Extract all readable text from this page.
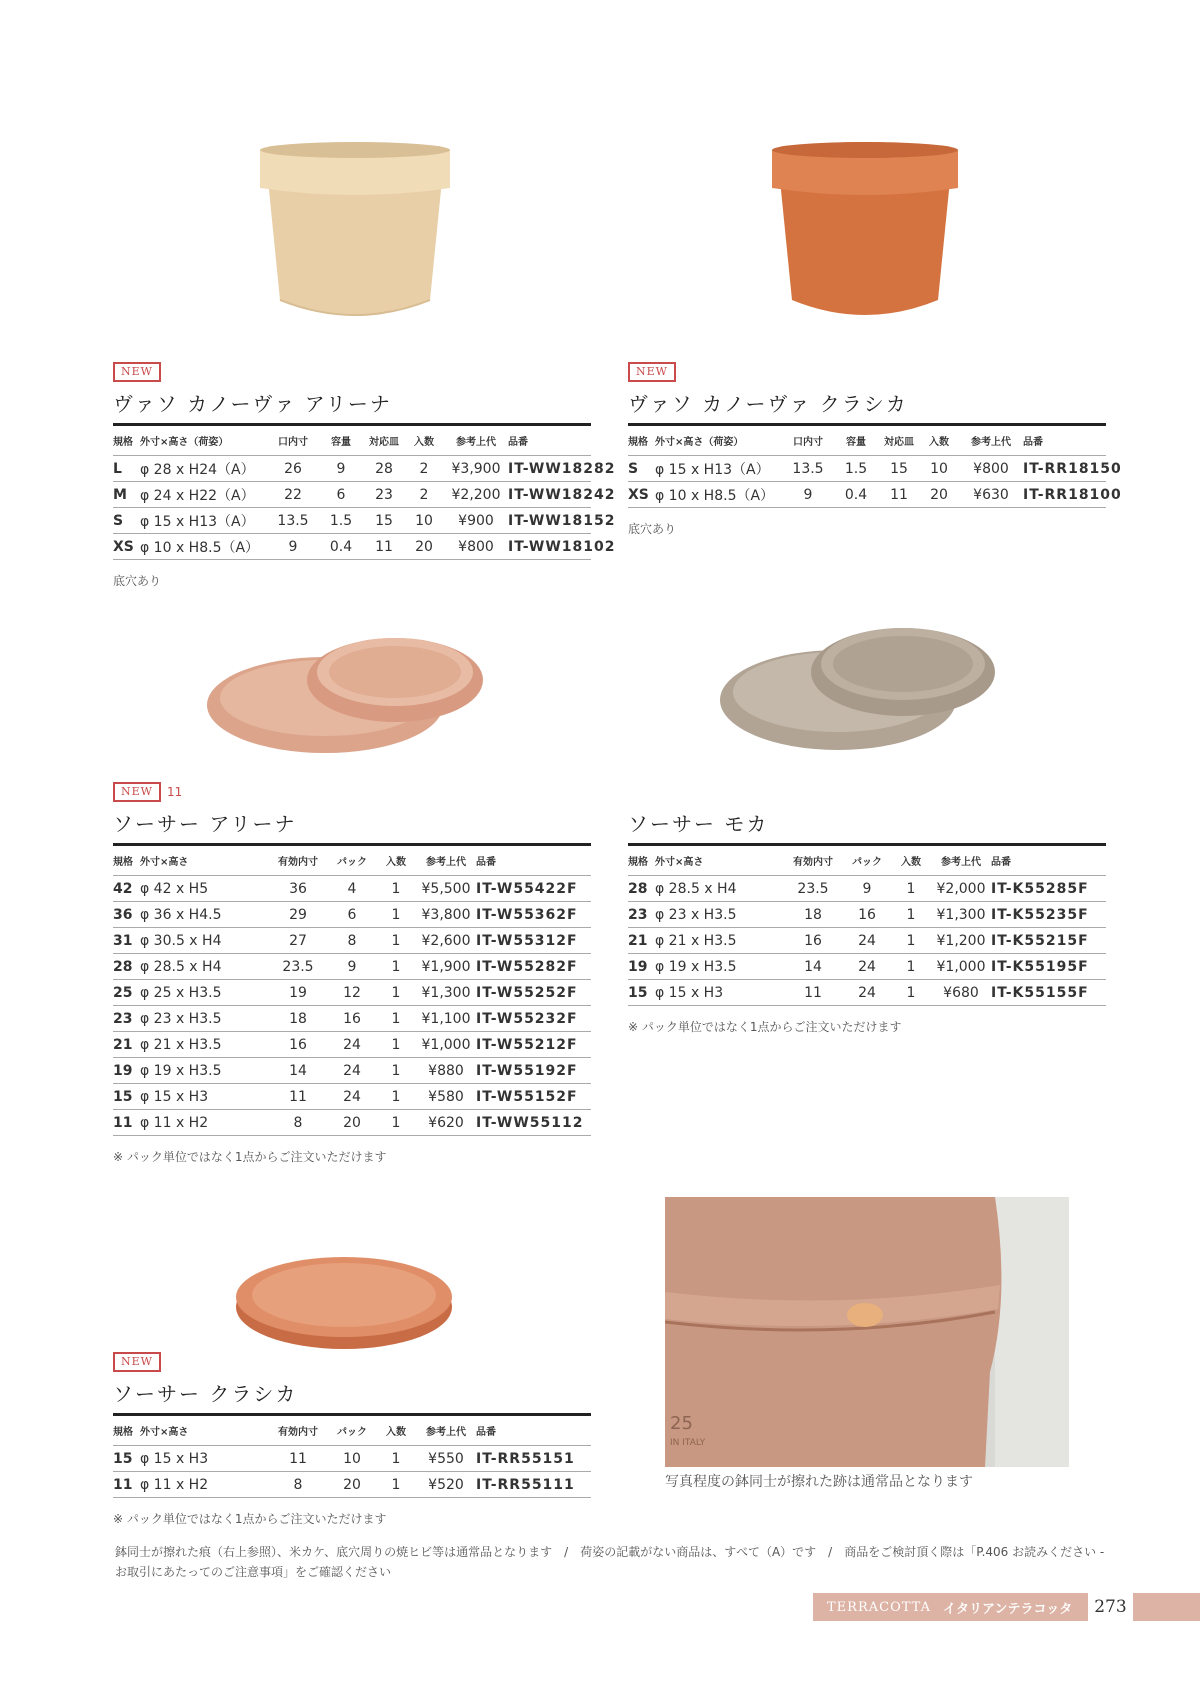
NEW
ヴァソ カノーヴァ アリーナ
規格 外寸×高さ（荷姿）	口内寸	容量	対応皿	入数	参考上代	品番
L	φ 28 x H24（A）	26	9	28	2	¥3,900 IT-WW18282
M φ 24 x H22（A）	22	6	23	2	¥2,200 IT-WW18242
S	φ 15 x H13（A）	13.5	1.5	15	10	¥900	IT-WW18152
XS φ 10 x H8.5（A）	9	0.4	11	20	¥800	IT-WW18102
底穴あり
NEW
ヴァソ カノーヴァ クラシカ
規格 外寸×高さ（荷姿）	口内寸	容量	対応皿	入数	参考上代	品番
S	φ 15 x H13（A）	13.5	1.5	15	10	¥800	IT-RR18150
XS φ 10 x H8.5（A）	9	0.4	11	20	¥630	IT-RR18100
底穴あり
NEW	11
ソーサー アリーナ
規格 外寸×高さ	有効内寸	パック	入数	参考上代	品番
42 φ 42 x H5	36	4	1	¥5,500 IT-W55422F
36 φ 36 x H4.5	29	6	1	¥3,800 IT-W55362F
31 φ 30.5 x H4	27	8	1	¥2,600 IT-W55312F
28 φ 28.5 x H4	23.5	9	1	¥1,900 IT-W55282F
25 φ 25 x H3.5	19	12	1	¥1,300 IT-W55252F
23 φ 23 x H3.5	18	16	1	¥1,100 IT-W55232F
21 φ 21 x H3.5	16	24	1	¥1,000 IT-W55212F
19 φ 19 x H3.5	14	24	1	¥880 IT-W55192F
15 φ 15 x H3	11	24	1	¥580 IT-W55152F
11 φ 11 x H2	8	20	1	¥620 IT-WW55112
※ パック単位ではなく1点からご注文いただけます
ソーサー モカ
規格 外寸×高さ	有効内寸	パック	入数	参考上代	品番
28 φ 28.5 x H4	23.5	9	1	¥2,000 IT-K55285F
23 φ 23 x H3.5	18	16	1	¥1,300 IT-K55235F
21 φ 21 x H3.5	16	24	1	¥1,200 IT-K55215F
19 φ 19 x H3.5	14	24	1	¥1,000 IT-K55195F
15 φ 15 x H3	11	24	1	¥680 IT-K55155F
※ パック単位ではなく1点からご注文いただけます
NEW
ソーサー クラシカ
規格 外寸×高さ	有効内寸	パック	入数	参考上代	品番
15 φ 15 x H3	11	10	1	¥550 IT-RR55151
11 φ 11 x H2	8	20	1	¥520 IT-RR55111
※ パック単位ではなく1点からご注文いただけます
25
IN ITALY
写真程度の鉢同士が擦れた跡は通常品となります
鉢同士が擦れた痕（右上参照）、米カケ、底穴周りの焼ヒビ等は通常品となります　/　荷姿の記載がない商品は、すべて（A）です　/　商品をご検討頂く際は「P.406 お読みください - お取引にあたってのご注意事項」をご確認ください
TERRACOTTA イタリアンテラコッタ	273
